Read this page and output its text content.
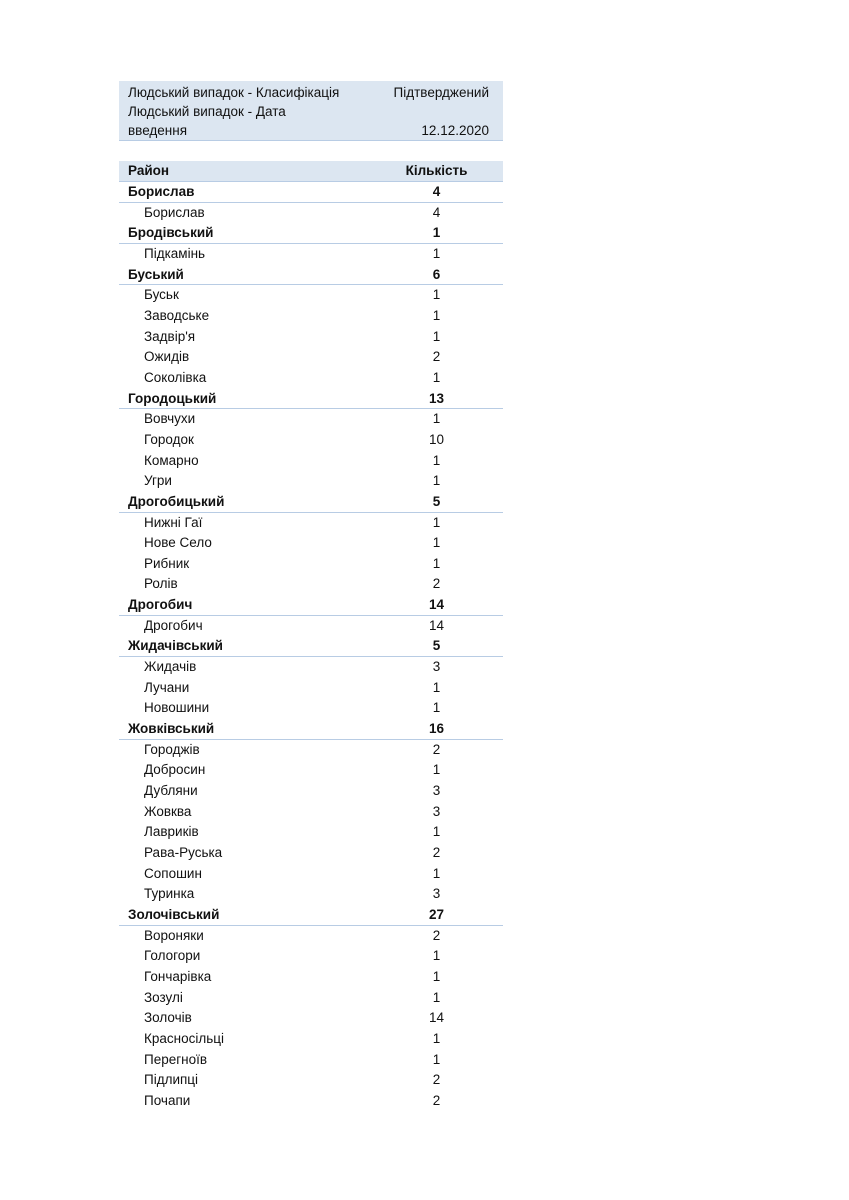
Людський випадок - Класифікація	Підтверджений
Людський випадок - Дата
введення	12.12.2020
Район	Кількість
Борислав	4
Борислав	4
Бродівський	1
Підкамінь	1
Буський	6
Буськ	1
Заводське	1
Задвір'я	1
Ожидів	2
Соколівка	1
Городоцький	13
Вовчухи	1
Городок	10
Комарно	1
Угри	1
Дрогобицький	5
Нижні Гаї	1
Нове Село	1
Рибник	1
Ролів	2
Дрогобич	14
Дрогобич	14
Жидачівський	5
Жидачів	3
Лучани	1
Новошини	1
Жовківський	16
Городжів	2
Добросин	1
Дубляни	3
Жовква	3
Лавриків	1
Рава-Руська	2
Сопошин	1
Туринка	3
Золочівський	27
Вороняки	2
Гологори	1
Гончарівка	1
Зозулі	1
Золочів	14
Красносільці	1
Перегноїв	1
Підлипці	2
Почапи	2
